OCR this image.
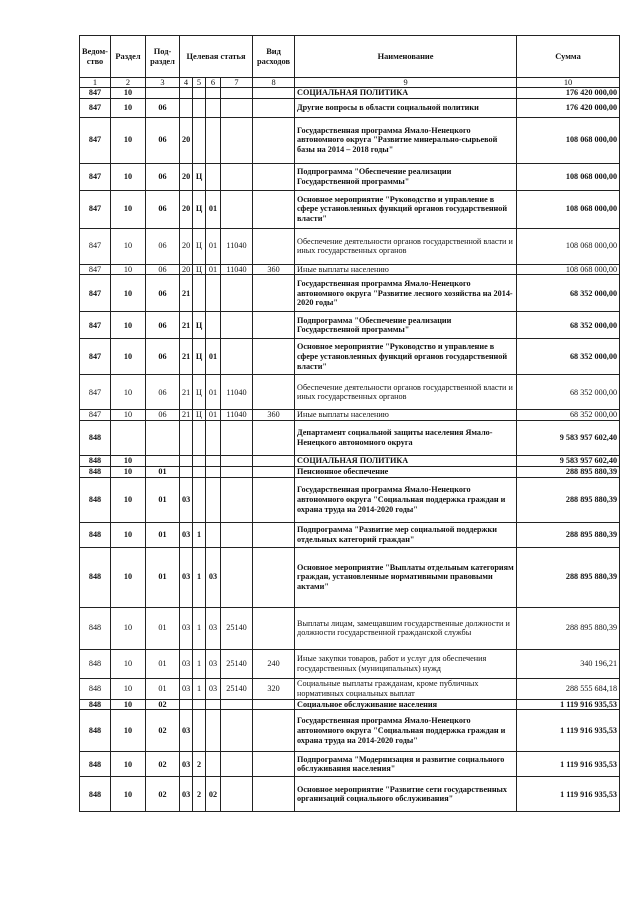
Ведом-ство	Раздел	Под-раздел	Целевая статья				Вид расходов	Наименование	Сумма
1	2	3	4	5	6	7	8	9	10
847	10							СОЦИАЛЬНАЯ ПОЛИТИКА	176 420 000,00
847	10	06						Другие вопросы в области социальной политики	176 420 000,00
847	10	06	20					Государственная программа Ямало-Ненецкого автономного округа "Развитие минерально-сырьевой базы на 2014 – 2018 годы"	108 068 000,00
847	10	06	20	Ц				Подпрограмма "Обеспечение реализации Государственной программы"	108 068 000,00
847	10	06	20	Ц	01			Основное мероприятие "Руководство и управление в сфере установленных функций органов государственной власти"	108 068 000,00
847	10	06	20	Ц	01	11040		Обеспечение деятельности органов государственной власти и иных государственных органов	108 068 000,00
847	10	06	20	Ц	01	11040	360	Иные выплаты населению	108 068 000,00
847	10	06	21					Государственная программа Ямало-Ненецкого автономного округа "Развитие лесного хозяйства на 2014-2020 годы"	68 352 000,00
847	10	06	21	Ц				Подпрограмма "Обеспечение реализации Государственной программы"	68 352 000,00
847	10	06	21	Ц	01			Основное мероприятие "Руководство и управление в сфере установленных функций органов государственной власти"	68 352 000,00
847	10	06	21	Ц	01	11040		Обеспечение деятельности органов государственной власти и иных государственных органов	68 352 000,00
847	10	06	21	Ц	01	11040	360	Иные выплаты населению	68 352 000,00
848								Департамент социальной защиты населения Ямало-Ненецкого автономного округа	9 583 957 602,40
848	10							СОЦИАЛЬНАЯ ПОЛИТИКА	9 583 957 602,40
848	10	01						Пенсионное обеспечение	288 895 880,39
848	10	01	03					Государственная программа Ямало-Ненецкого автономного округа "Социальная поддержка граждан и охрана труда на 2014-2020 годы"	288 895 880,39
848	10	01	03	1				Подпрограмма "Развитие мер социальной поддержки отдельных категорий граждан"	288 895 880,39
848	10	01	03	1	03			Основное мероприятие "Выплаты отдельным категориям граждан, установленные нормативными правовыми актами"	288 895 880,39
848	10	01	03	1	03	25140		Выплаты лицам, замещавшим государственные должности и должности государственной гражданской службы	288 895 880,39
848	10	01	03	1	03	25140	240	Иные закупки товаров, работ и услуг для обеспечения государственных (муниципальных) нужд	340 196,21
848	10	01	03	1	03	25140	320	Социальные выплаты гражданам, кроме публичных нормативных социальных выплат	288 555 684,18
848	10	02						Социальное обслуживание населения	1 119 916 935,53
848	10	02	03					Государственная программа Ямало-Ненецкого автономного округа "Социальная поддержка граждан и охрана труда на 2014-2020 годы"	1 119 916 935,53
848	10	02	03	2				Подпрограмма "Модернизация и развитие социального обслуживания населения"	1 119 916 935,53
848	10	02	03	2	02			Основное мероприятие "Развитие сети государственных организаций социального обслуживания"	1 119 916 935,53
